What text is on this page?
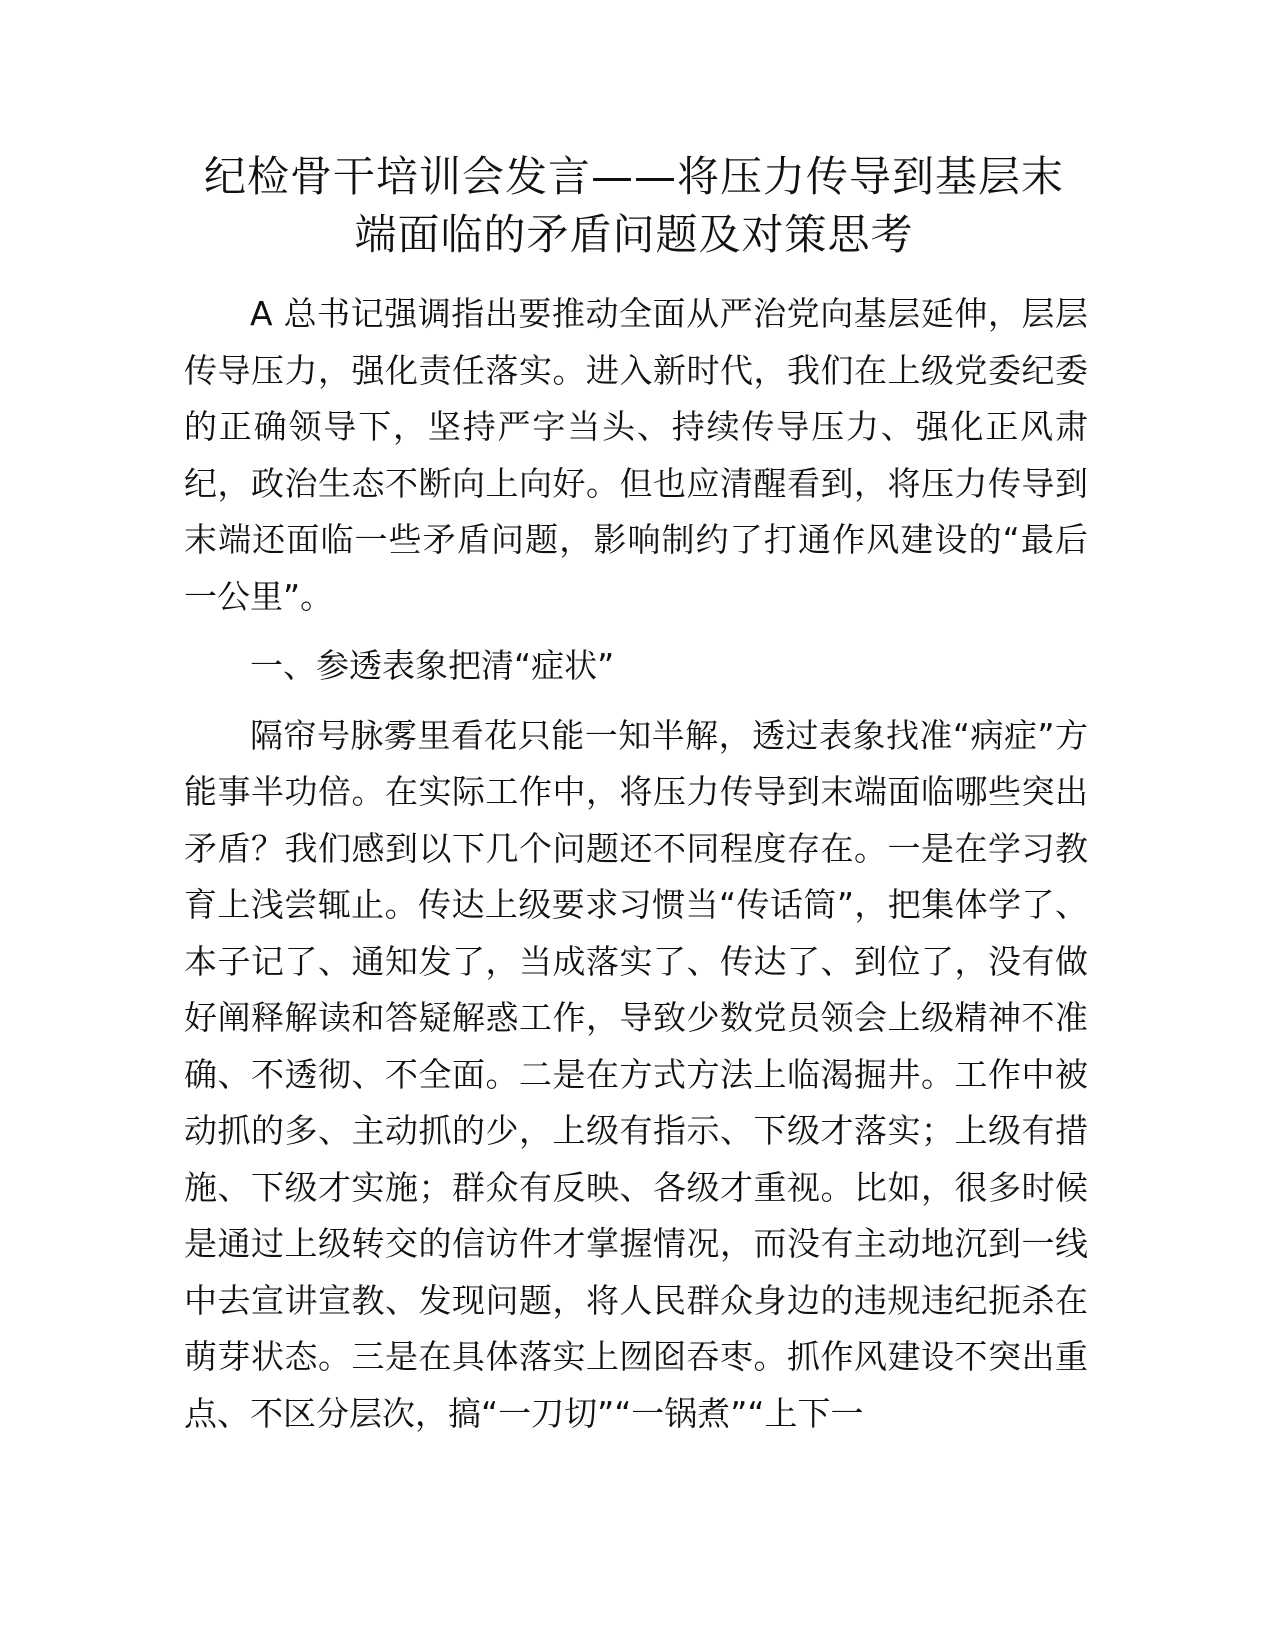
纪检骨干培训会发言——将压力传导到基层末
端面临的矛盾问题及对策思考

A 总书记强调指出要推动全面从严治党向基层延伸，层层传导压力，强化责任落实。进入新时代，我们在上级党委纪委的正确领导下，坚持严字当头、持续传导压力、强化正风肃纪，政治生态不断向上向好。但也应清醒看到，将压力传导到末端还面临一些矛盾问题，影响制约了打通作风建设的“最后一公里”。

一、参透表象把清“症状”

隔帘号脉雾里看花只能一知半解，透过表象找准“病症”方能事半功倍。在实际工作中，将压力传导到末端面临哪些突出矛盾？我们感到以下几个问题还不同程度存在。一是在学习教育上浅尝辄止。传达上级要求习惯当“传话筒”，把集体学了、本子记了、通知发了，当成落实了、传达了、到位了，没有做好阐释解读和答疑解惑工作，导致少数党员领会上级精神不准确、不透彻、不全面。二是在方式方法上临渴掘井。工作中被动抓的多、主动抓的少，上级有指示、下级才落实；上级有措施、下级才实施；群众有反映、各级才重视。比如，很多时候是通过上级转交的信访件才掌握情况，而没有主动地沉到一线中去宣讲宣教、发现问题，将人民群众身边的违规违纪扼杀在萌芽状态。三是在具体落实上囫囵吞枣。抓作风建设不突出重点、不区分层次，搞“一刀切”“一锅煮”“上下一
